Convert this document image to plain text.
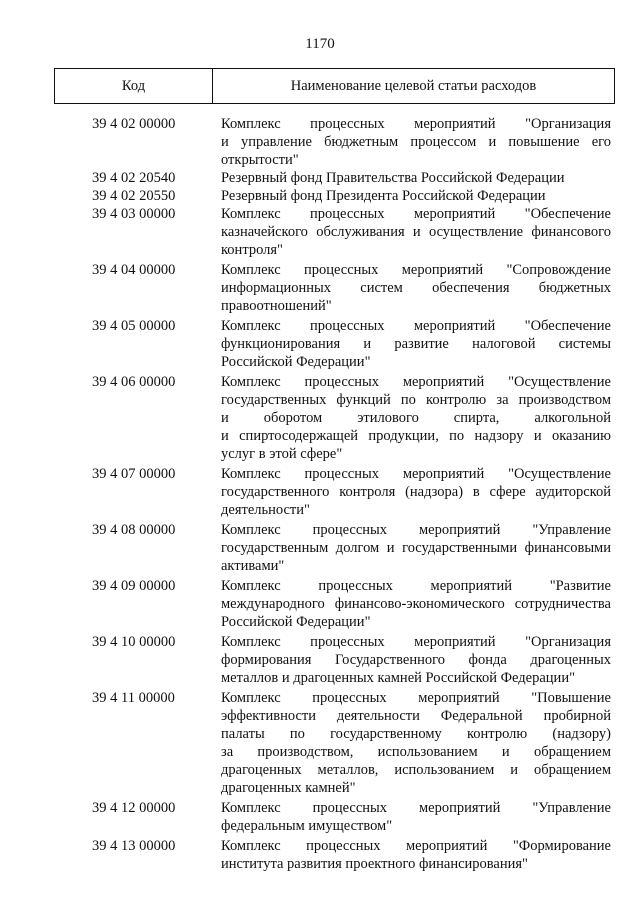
1170
Код	Наименование целевой статьи расходов
39 4 02 00000	Комплекс процессных мероприятий "Организация
и управление бюджетным процессом и повышение его
открытости"
39 4 02 20540	Резервный фонд Правительства Российской Федерации
39 4 02 20550	Резервный фонд Президента Российской Федерации
39 4 03 00000	Комплекс процессных мероприятий "Обеспечение
казначейского обслуживания и осуществление финансового
контроля"
39 4 04 00000	Комплекс процессных мероприятий "Сопровождение
информационных систем обеспечения бюджетных
правоотношений"
39 4 05 00000	Комплекс процессных мероприятий "Обеспечение
функционирования и развитие налоговой системы
Российской Федерации"
39 4 06 00000	Комплекс процессных мероприятий "Осуществление
государственных функций по контролю за производством
и оборотом этилового спирта, алкогольной
и спиртосодержащей продукции, по надзору и оказанию
услуг в этой сфере"
39 4 07 00000	Комплекс процессных мероприятий "Осуществление
государственного контроля (надзора) в сфере аудиторской
деятельности"
39 4 08 00000	Комплекс процессных мероприятий "Управление
государственным долгом и государственными финансовыми
активами"
39 4 09 00000	Комплекс процессных мероприятий "Развитие
международного финансово-экономического сотрудничества
Российской Федерации"
39 4 10 00000	Комплекс процессных мероприятий "Организация
формирования Государственного фонда драгоценных
металлов и драгоценных камней Российской Федерации"
39 4 11 00000	Комплекс процессных мероприятий "Повышение
эффективности деятельности Федеральной пробирной
палаты по государственному контролю (надзору)
за производством, использованием и обращением
драгоценных металлов, использованием и обращением
драгоценных камней"
39 4 12 00000	Комплекс процессных мероприятий "Управление
федеральным имуществом"
39 4 13 00000	Комплекс процессных мероприятий "Формирование
института развития проектного финансирования"
